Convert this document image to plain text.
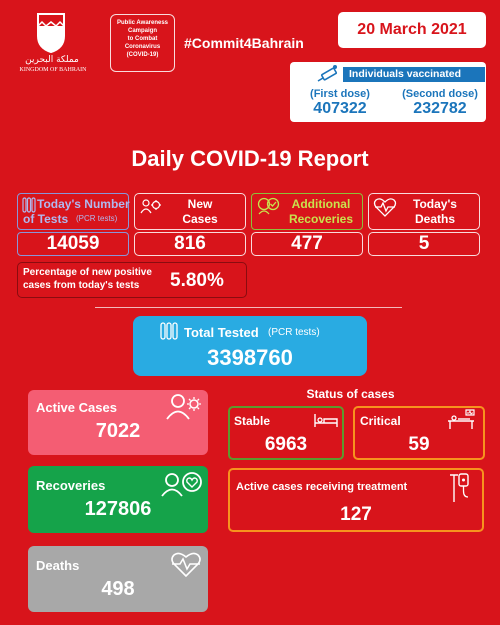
مملكة البحرين
KINGDOM OF BAHRAIN
Public Awareness
Campaign
to Combat
Coronavirus
(COVID-19)
#Commit4Bahrain
20 March 2021
Individuals vaccinated
(First dose)
407322
(Second dose)
232782
Daily COVID-19 Report
Today's Number
of Tests (PCR tests)
14059
New
Cases
816
Additional
Recoveries
477
Today's
Deaths
5
Percentage of new positive
cases from today's tests 5.80%
Total Tested (PCR tests)
3398760
Active Cases
7022
Recoveries
127806
Deaths
498
Status of cases
Stable
6963
Critical
59
Active cases receiving treatment
127
